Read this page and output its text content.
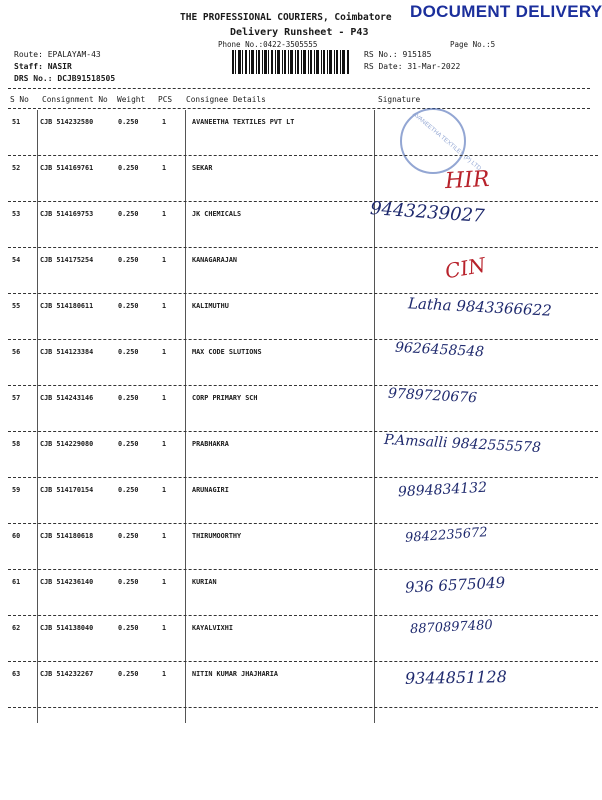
THE PROFESSIONAL COURIERS, Coimbatore DOCUMENT DELIVERY
Delivery Runsheet - P43
Phone No.:0422-3505555	Page No.:5
Route: EPALAYAM-43
Staff: NASIR
DRS No.: DCJB91518505
RS No.: 915185
RS Date: 31-Mar-2022
S No Consignment No Weight PCS Consignee Details	Signature
AVANEETHA TEXTILES (P) LTD
51	CJB 514232580	0.250	1	AVANEETHA TEXTILES PVT LT
52	CJB 514169761	0.250	1	SEKAR	HIR
53	CJB 514169753	0.250	1	JK CHEMICALS	9443239027
54	CJB 514175254	0.250	1	KANAGARAJAN	CIN
55	CJB 514180611	0.250	1	KALIMUTHU	Latha 9843366622
56	CJB 514123384	0.250	1	MAX CODE SLUTIONS	9626458548
57	CJB 514243146	0.250	1	CORP PRIMARY SCH	9789720676
58	CJB 514229080	0.250	1	PRABHAKRA	P.Amsalli 9842555578
59	CJB 514170154	0.250	1	ARUNAGIRI	9894834132
60	CJB 514180618	0.250	1	THIRUMOORTHY	9842235672
61	CJB 514236140	0.250	1	KURIAN	936 6575049
62	CJB 514138040	0.250	1	KAYALVIXHI	8870897480
63	CJB 514232267	0.250	1	NITIN KUMAR JHAJHARIA	9344851128
